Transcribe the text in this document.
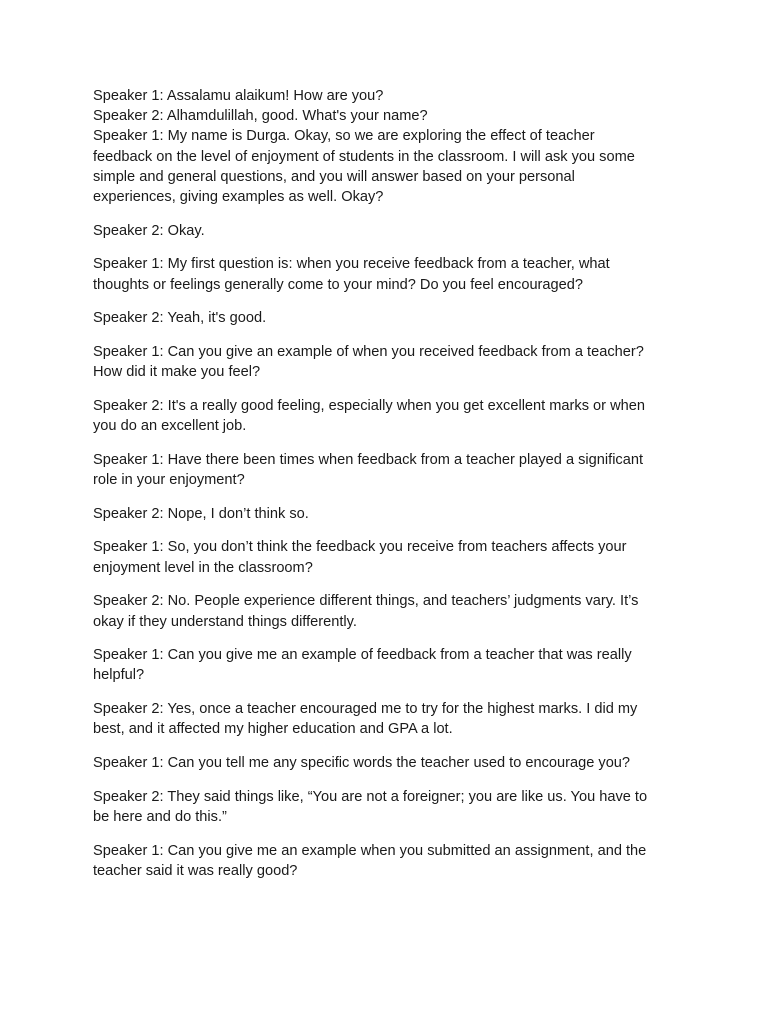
Speaker 1: Assalamu alaikum! How are you?
Speaker 2: Alhamdulillah, good. What's your name?
Speaker 1: My name is Durga. Okay, so we are exploring the effect of teacher
feedback on the level of enjoyment of students in the classroom. I will ask you some
simple and general questions, and you will answer based on your personal
experiences, giving examples as well. Okay?

Speaker 2: Okay.

Speaker 1: My first question is: when you receive feedback from a teacher, what
thoughts or feelings generally come to your mind? Do you feel encouraged?

Speaker 2: Yeah, it's good.

Speaker 1: Can you give an example of when you received feedback from a teacher?
How did it make you feel?

Speaker 2: It's a really good feeling, especially when you get excellent marks or when
you do an excellent job.

Speaker 1: Have there been times when feedback from a teacher played a significant
role in your enjoyment?

Speaker 2: Nope, I don’t think so.

Speaker 1: So, you don’t think the feedback you receive from teachers affects your
enjoyment level in the classroom?

Speaker 2: No. People experience different things, and teachers’ judgments vary. It’s
okay if they understand things differently.

Speaker 1: Can you give me an example of feedback from a teacher that was really
helpful?

Speaker 2: Yes, once a teacher encouraged me to try for the highest marks. I did my
best, and it affected my higher education and GPA a lot.

Speaker 1: Can you tell me any specific words the teacher used to encourage you?

Speaker 2: They said things like, “You are not a foreigner; you are like us. You have to
be here and do this.”

Speaker 1: Can you give me an example when you submitted an assignment, and the
teacher said it was really good?
